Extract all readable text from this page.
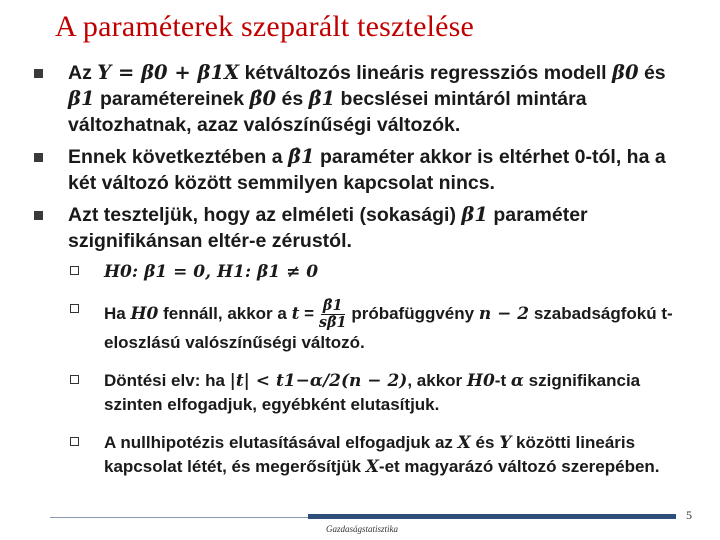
A paraméterek szeparált tesztelése
Az Y = β0 + β1X kétváltozós lineáris regressziós modell β0 és β1 paramétereinek β̂0 és β̂1 becslései mintáról mintára változhatnak, azaz valószínűségi változók.
Ennek következtében a β̂1 paraméter akkor is eltérhet 0-tól, ha a két változó között semmilyen kapcsolat nincs.
Azt teszteljük, hogy az elméleti (sokasági) β1 paraméter szignifikánsan eltér-e zérustól.
H0: β1 = 0, H1: β1 ≠ 0
Ha H0 fennáll, akkor a $t = \frac{\betâ1}{s\betâ1}$ próbafüggvény n − 2 szabadságfokú t-eloszlású valószínűségi változó.
Döntési elv: ha |t| < t1−α/2(n − 2), akkor H0-t α szignifikancia szinten elfogadjuk, egyébként elutasítjuk.
A nullhipotézis elutasításával elfogadjuk az X és Y közötti lineáris kapcsolat létét, és megerősítjük X-et magyarázó változó szerepében.
Gazdaságstatisztika
5
